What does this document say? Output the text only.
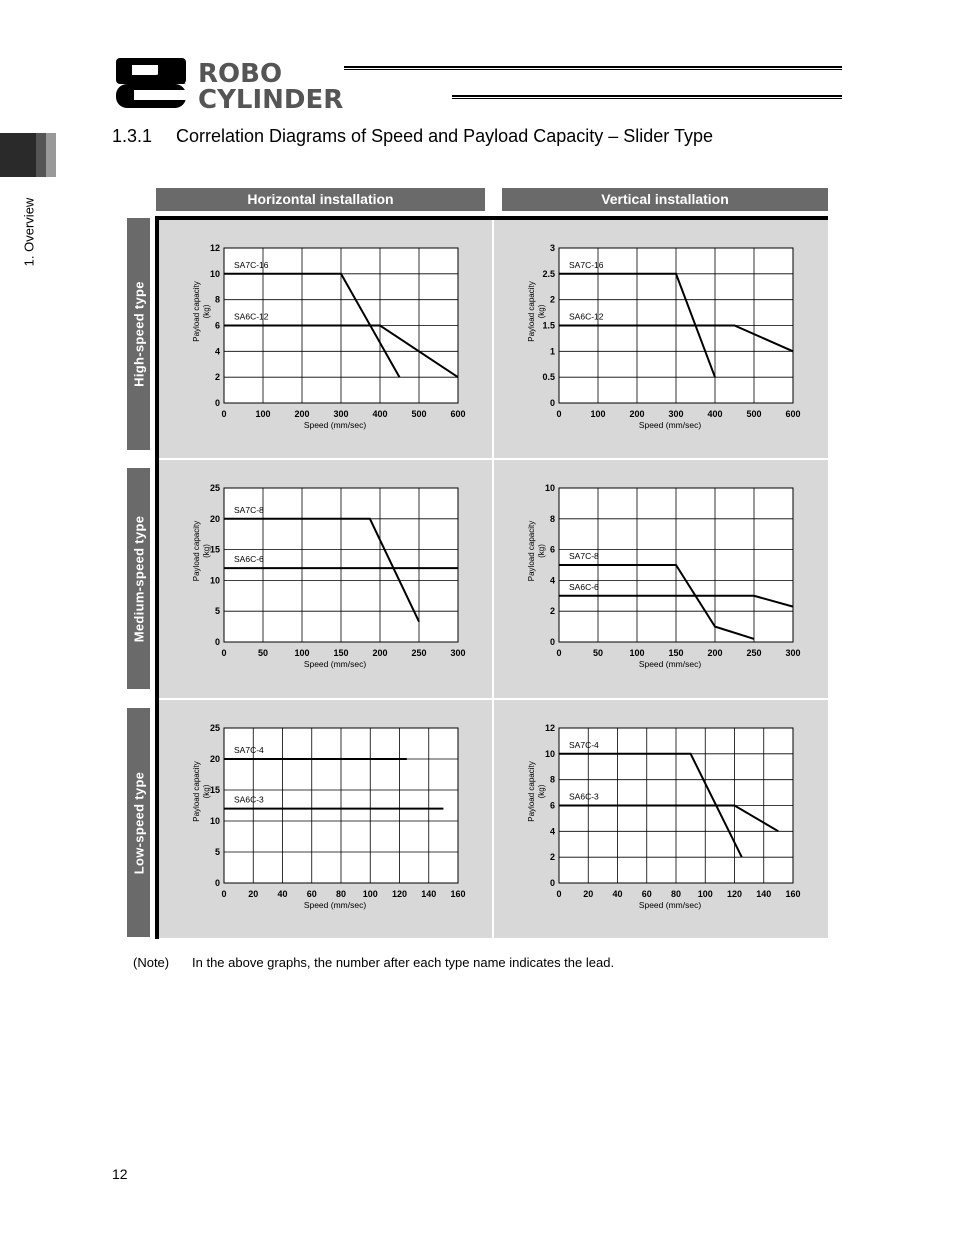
ROBO
CYLINDER
1. Overview
1.3.1 Correlation Diagrams of Speed and Payload Capacity – Slider Type
Horizontal installation	Vertical installation
High-speed type
Medium-speed type
Low-speed type
0	100	200	300	400	500	600
0
2
4
6
8
10
12
Speed (mm/sec)
Payload capacity(kg)
SA7C-16
SA6C-12
0	100	200	300	400	500	600
0
0.5
1
1.5
2
2.5
3
Speed (mm/sec)
Payload capacity(kg)
SA7C-16
SA6C-12
0	50	100	150	200	250	300
0
5
10
15
20
25
Speed (mm/sec)
Payload capacity(kg)
SA7C-8
SA6C-6
0	50	100	150	200	250	300
0
2
4
6
8
10
Speed (mm/sec)
Payload capacity(kg)	SA7C-8
SA6C-6
0 20 40 60 80 100 120 140 160
0
5
10
15
20
25
Speed (mm/sec)
Payload capacity(kg)
SA7C-4
SA6C-3
0 20 40 60 80 100 120 140 160
0
2
4
6
8
10
12
Speed (mm/sec)
Payload capacity(kg)
SA7C-4
SA6C-3
(Note) In the above graphs, the number after each type name indicates the lead.
12
